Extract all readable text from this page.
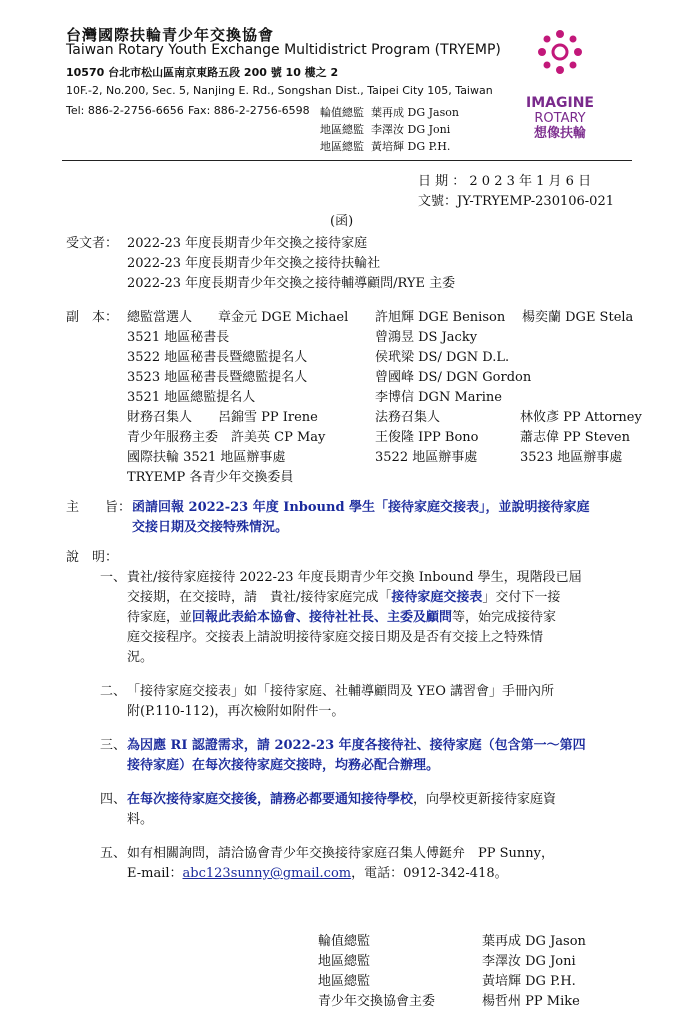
台灣國際扶輪青少年交換協會
Taiwan Rotary Youth Exchange Multidistrict Program (TRYEMP)
10570 台北市松山區南京東路五段 200 號 10 樓之 2
10F.-2, No.200, Sec. 5, Nanjing E. Rd., Songshan Dist., Taipei City 105, Taiwan
Tel: 886-2-2756-6656 Fax: 886-2-2756-6598 輪值總監 葉再成 DG Jason
地區總監 李澤汝 DG Joni
地區總監 黃培輝 DG P.H.
IMAGINE
ROTARY
想像扶輪
日 期 ： 2 0 2 3 年 1 月 6 日
文號：JY-TRYEMP-230106-021
(函)
受文者： 2022-23 年度長期青少年交換之接待家庭
2022-23 年度長期青少年交換之接待扶輪社
2022-23 年度長期青少年交換之接待輔導顧問/RYE 主委
副　本： 總監當選人　　章金元 DGE Michael 許旭輝 DGE Benison 楊奕蘭 DGE Stela
3521 地區秘書長	曾鴻昱 DS Jacky
3522 地區秘書長暨總監提名人	侯玳梁 DS/ DGN D.L.
3523 地區秘書長暨總監提名人	曾國峰 DS/ DGN Gordon
3521 地區總監提名人	李博信 DGN Marine
財務召集人　　呂錦雪 PP Irene	法務召集人	林攸彥 PP Attorney
青少年服務主委　許美英 CP May	王俊隆 IPP Bono	蕭志偉 PP Steven
國際扶輪 3521 地區辦事處	3522 地區辦事處	3523 地區辦事處
TRYEMP 各青少年交換委員
主　　旨： 函請回報 2022-23 年度 Inbound 學生「接待家庭交接表」，並說明接待家庭
交接日期及交接特殊情況。
說　明：
一、 貴社/接待家庭接待 2022-23 年度長期青少年交換 Inbound 學生，現階段已屆
交接期，在交接時，請　貴社/接待家庭完成「接待家庭交接表」交付下一接
待家庭，並回報此表給本協會、接待社社長、主委及顧問等，始完成接待家
庭交接程序。交接表上請說明接待家庭交接日期及是否有交接上之特殊情
況。
二、 「接待家庭交接表」如「接待家庭、社輔導顧問及 YEO 講習會」手冊內所
附(P.110-112)，再次檢附如附件一。
三、 為因應 RI 認證需求，請 2022-23 年度各接待社、接待家庭（包含第一～第四
接待家庭）在每次接待家庭交接時，均務必配合辦理。
四、 在每次接待家庭交接後，請務必都要通知接待學校，向學校更新接待家庭資
料。
五、 如有相關詢問，請洽協會青少年交換接待家庭召集人傅鋌弁　PP Sunny，
E-mail：abc123sunny@gmail.com，電話：0912-342-418。
輪值總監	葉再成 DG Jason
地區總監	李澤汝 DG Joni
地區總監	黃培輝 DG P.H.
青少年交換協會主委	楊哲州 PP Mike
